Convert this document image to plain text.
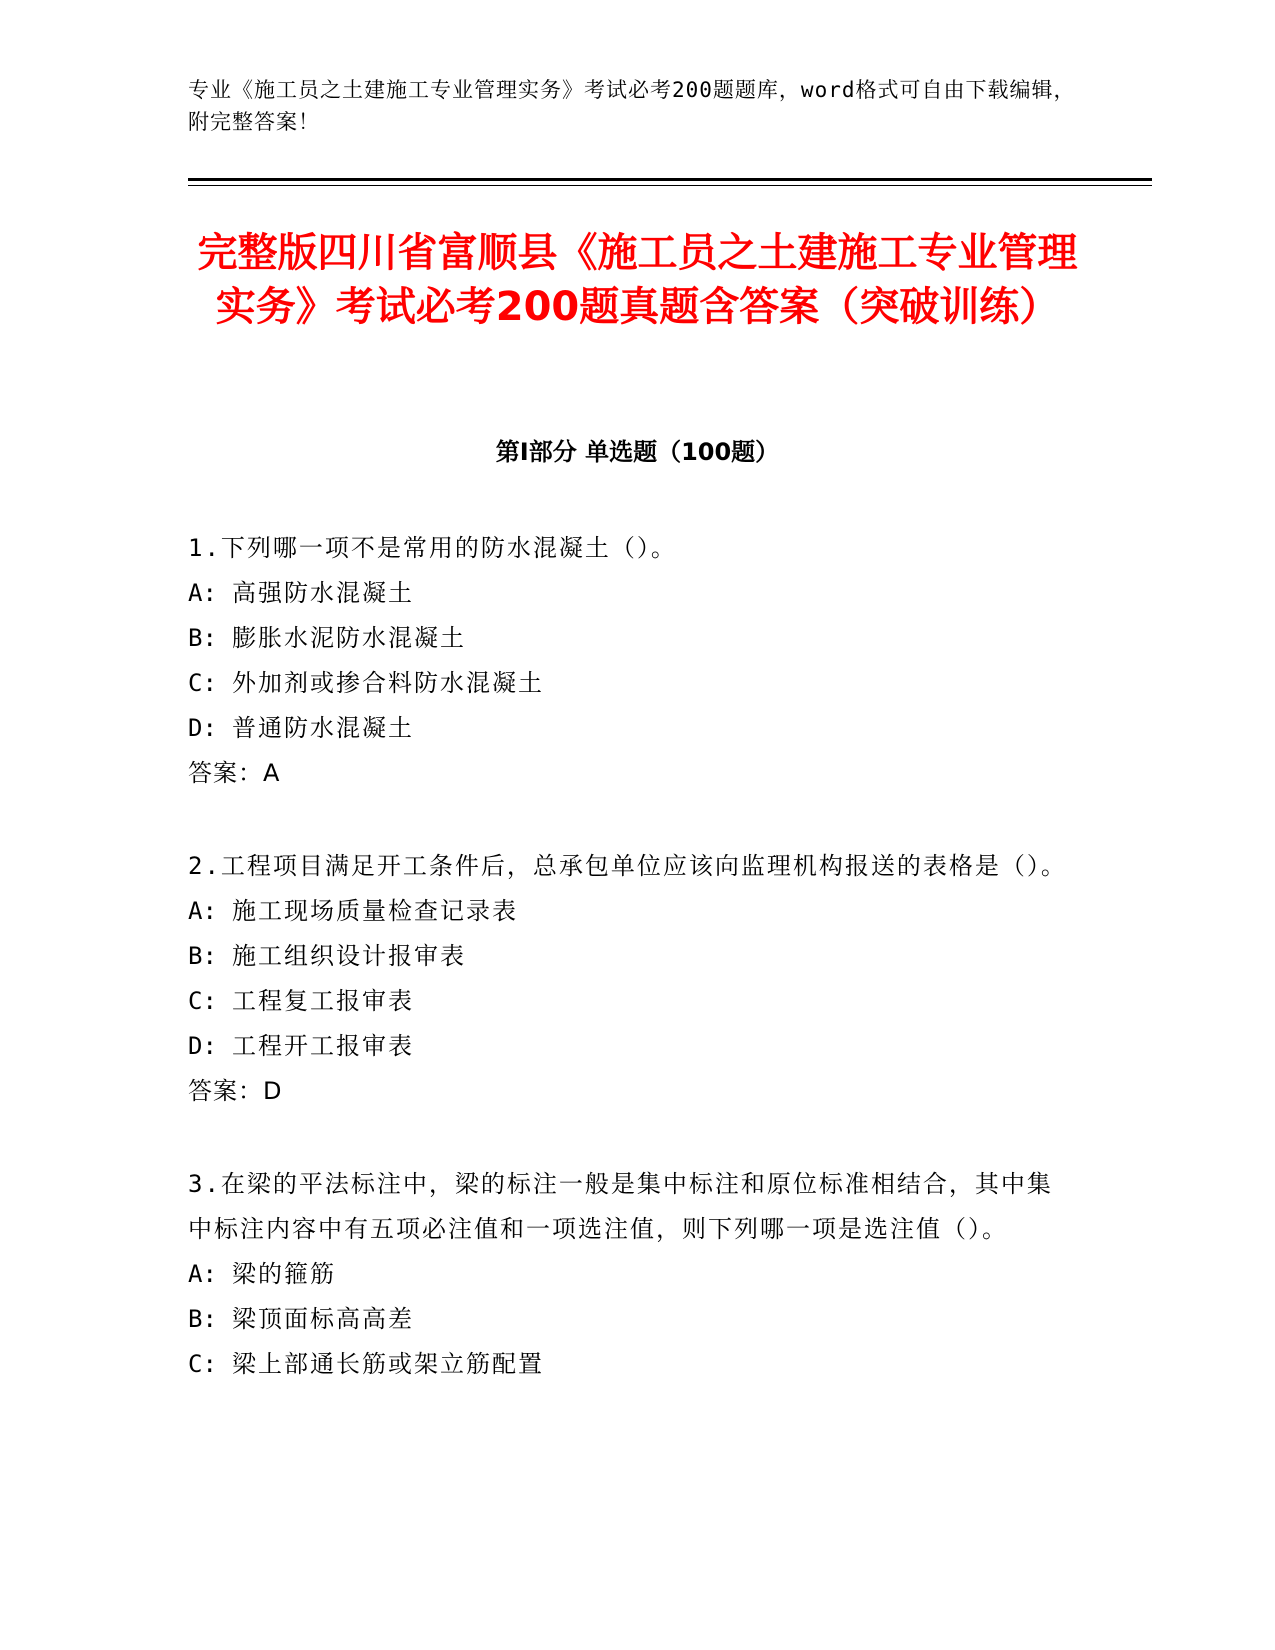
专业《施工员之土建施工专业管理实务》考试必考200题题库，word格式可自由下载编辑，附完整答案！
完整版四川省富顺县《施工员之土建施工专业管理实务》考试必考200题真题含答案（突破训练）
第I部分 单选题（100题）
1.下列哪一项不是常用的防水混凝土（）。
A: 高强防水混凝土
B: 膨胀水泥防水混凝土
C: 外加剂或掺合料防水混凝土
D: 普通防水混凝土
答案：A
2.工程项目满足开工条件后，总承包单位应该向监理机构报送的表格是（）。
A: 施工现场质量检查记录表
B: 施工组织设计报审表
C: 工程复工报审表
D: 工程开工报审表
答案：D
3.在梁的平法标注中，梁的标注一般是集中标注和原位标准相结合，其中集中标注内容中有五项必注值和一项选注值，则下列哪一项是选注值（）。
A: 梁的箍筋
B: 梁顶面标高高差
C: 梁上部通长筋或架立筋配置
